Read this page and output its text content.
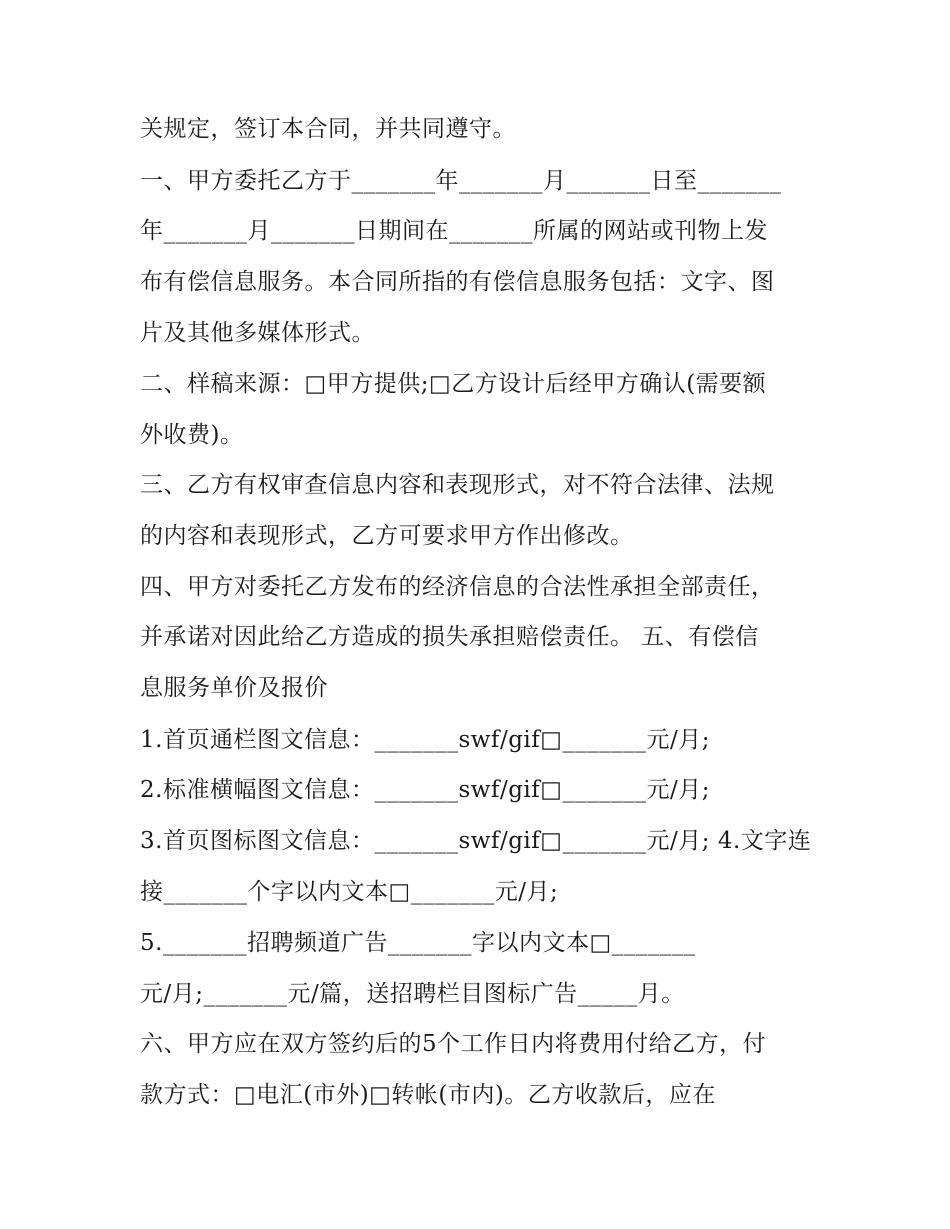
关规定，签订本合同，并共同遵守。
一、甲方委托乙方于_______年_______月_______日至_______
年_______月_______日期间在_______所属的网站或刊物上发
布有偿信息服务。本合同所指的有偿信息服务包括：文字、图
片及其他多媒体形式。
二、样稿来源：□甲方提供;□乙方设计后经甲方确认(需要额
外收费)。
三、乙方有权审查信息内容和表现形式，对不符合法律、法规
的内容和表现形式，乙方可要求甲方作出修改。
四、甲方对委托乙方发布的经济信息的合法性承担全部责任，
并承诺对因此给乙方造成的损失承担赔偿责任。 五、有偿信
息服务单价及报价
1.首页通栏图文信息：_______swf/gif□_______元/月;
2.标准横幅图文信息：_______swf/gif□_______元/月;
3.首页图标图文信息：_______swf/gif□_______元/月; 4.文字连
接_______个字以内文本□_______元/月;
5._______招聘频道广告_______字以内文本□_______
元/月;_______元/篇，送招聘栏目图标广告_____月。
六、甲方应在双方签约后的5个工作日内将费用付给乙方，付
款方式：□电汇(市外)□转帐(市内)。乙方收款后，应在
